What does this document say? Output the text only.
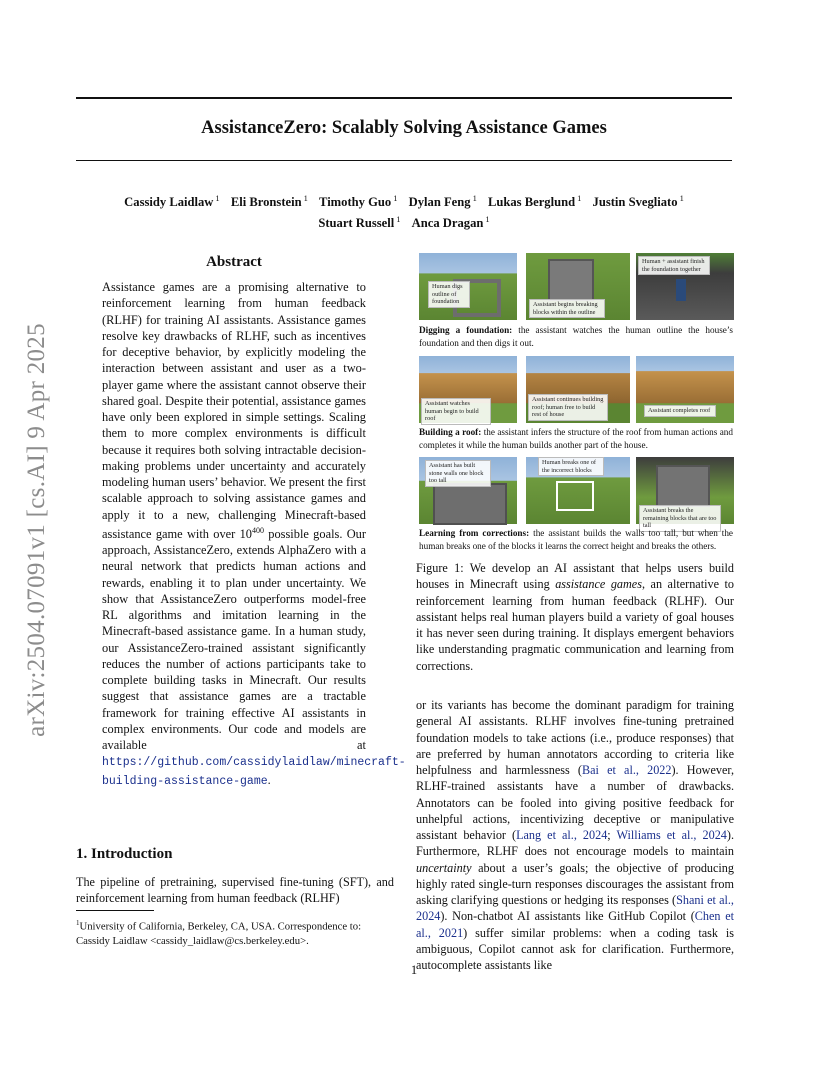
arXiv:2504.07091v1 [cs.AI] 9 Apr 2025
AssistanceZero: Scalably Solving Assistance Games
Cassidy Laidlaw $^1$ Eli Bronstein $^1$ Timothy Guo $^1$ Dylan Feng $^1$ Lukas Berglund $^1$ Justin Svegliato $^1$
Stuart Russell $^1$ Anca Dragan $^1$
Abstract
Assistance games are a promising alternative to reinforcement learning from human feedback (RLHF) for training AI assistants. Assistance games resolve key drawbacks of RLHF, such as incentives for deceptive behavior, by explicitly modeling the interaction between assistant and user as a two-player game where the assistant cannot observe their shared goal. Despite their potential, assistance games have only been explored in simple settings. Scaling them to more complex environments is difficult because it requires both solving intractable decision-making problems under uncertainty and accurately modeling human users’ behavior. We present the first scalable approach to solving assistance games and apply it to a new, challenging Minecraft-based assistance game with over $10^{400}$ possible goals. Our approach, AssistanceZero, extends AlphaZero with a neural network that predicts human actions and rewards, enabling it to plan under uncertainty. We show that AssistanceZero outperforms model-free RL algorithms and imitation learning in the Minecraft-based assistance game. In a human study, our AssistanceZero-trained assistant significantly reduces the number of actions participants take to complete building tasks in Minecraft. Our results suggest that assistance games are a tractable framework for training effective AI assistants in complex environments. Our code and models are available at https://github.com/cassidylaidlaw/minecraft-building-assistance-game.
1. Introduction
The pipeline of pretraining, supervised fine-tuning (SFT), and reinforcement learning from human feedback (RLHF)
$^1$University of California, Berkeley, CA, USA. Correspondence to: Cassidy Laidlaw <cassidy_laidlaw@cs.berkeley.edu>.
Human digs outline of foundation	Assistant begins breaking blocks within the outline
Human + assistant finish the foundation together
Digging a foundation: the assistant watches the human outline the house’s foundation and then digs it out.
Assistant watches human begin to build roof
Assistant continues building roof; human free to build rest of house
Assistant completes roof
Building a roof: the assistant infers the structure of the roof from human actions and completes it while the human builds another part of the house.
Assistant has built stone walls one block too tall
Human breaks one of the incorrect blocks
Assistant breaks the remaining blocks that are too tall
Learning from corrections: the assistant builds the walls too tall, but when the human breaks one of the blocks it learns the correct height and breaks the others.
Figure 1: We develop an AI assistant that helps users build houses in Minecraft using assistance games, an alternative to reinforcement learning from human feedback (RLHF). Our assistant helps real human players build a variety of goal houses it has never seen during training. It displays emergent behaviors like understanding pragmatic communication and learning from corrections.
or its variants has become the dominant paradigm for training general AI assistants. RLHF involves fine-tuning pretrained foundation models to take actions (i.e., produce responses) that are preferred by human annotators according to criteria like helpfulness and harmlessness (Bai et al., 2022). However, RLHF-trained assistants have a number of drawbacks. Annotators can be fooled into giving positive feedback for unhelpful actions, incentivizing deceptive or manipulative assistant behavior (Lang et al., 2024; Williams et al., 2024). Furthermore, RLHF does not encourage models to maintain uncertainty about a user’s goals; the objective of producing highly rated single-turn responses discourages the assistant from asking clarifying questions or hedging its responses (Shani et al., 2024). Non-chatbot AI assistants like GitHub Copilot (Chen et al., 2021) suffer similar problems: when a coding task is ambiguous, Copilot cannot ask for clarification. Furthermore, autocomplete assistants like
1
